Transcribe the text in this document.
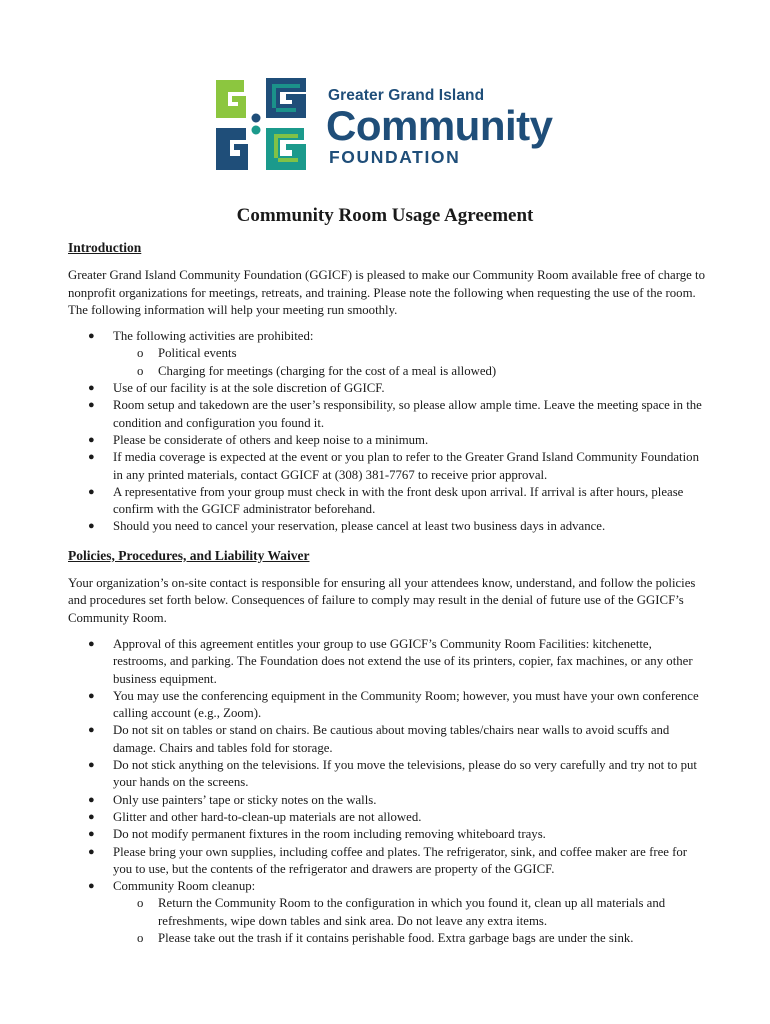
Greater Grand Island
Community
FOUNDATION
Community Room Usage Agreement
Introduction

Greater Grand Island Community Foundation (GGICF) is pleased to make our Community Room available free of charge to nonprofit organizations for meetings, retreats, and training. Please note the following when requesting the use of the room. The following information will help your meeting run smoothly.

● The following activities are prohibited:
o Political events
o Charging for meetings (charging for the cost of a meal is allowed)
● Use of our facility is at the sole discretion of GGICF.
● Room setup and takedown are the user’s responsibility, so please allow ample time. Leave the meeting space in the condition and configuration you found it.
● Please be considerate of others and keep noise to a minimum.
● If media coverage is expected at the event or you plan to refer to the Greater Grand Island Community Foundation in any printed materials, contact GGICF at (308) 381-7767 to receive prior approval.
● A representative from your group must check in with the front desk upon arrival. If arrival is after hours, please confirm with the GGICF administrator beforehand.
● Should you need to cancel your reservation, please cancel at least two business days in advance.
Policies, Procedures, and Liability Waiver

Your organization’s on-site contact is responsible for ensuring all your attendees know, understand, and follow the policies and procedures set forth below. Consequences of failure to comply may result in the denial of future use of the GGICF’s Community Room.

● Approval of this agreement entitles your group to use GGICF’s Community Room Facilities: kitchenette, restrooms, and parking. The Foundation does not extend the use of its printers, copier, fax machines, or any other business equipment.
● You may use the conferencing equipment in the Community Room; however, you must have your own conference calling account (e.g., Zoom).
● Do not sit on tables or stand on chairs. Be cautious about moving tables/chairs near walls to avoid scuffs and damage. Chairs and tables fold for storage.
● Do not stick anything on the televisions. If you move the televisions, please do so very carefully and try not to put your hands on the screens.
● Only use painters’ tape or sticky notes on the walls.
● Glitter and other hard-to-clean-up materials are not allowed.
● Do not modify permanent fixtures in the room including removing whiteboard trays.
● Please bring your own supplies, including coffee and plates. The refrigerator, sink, and coffee maker are free for you to use, but the contents of the refrigerator and drawers are property of the GGICF.
● Community Room cleanup:
o Return the Community Room to the configuration in which you found it, clean up all materials and refreshments, wipe down tables and sink area. Do not leave any extra items.
o Please take out the trash if it contains perishable food. Extra garbage bags are under the sink.
